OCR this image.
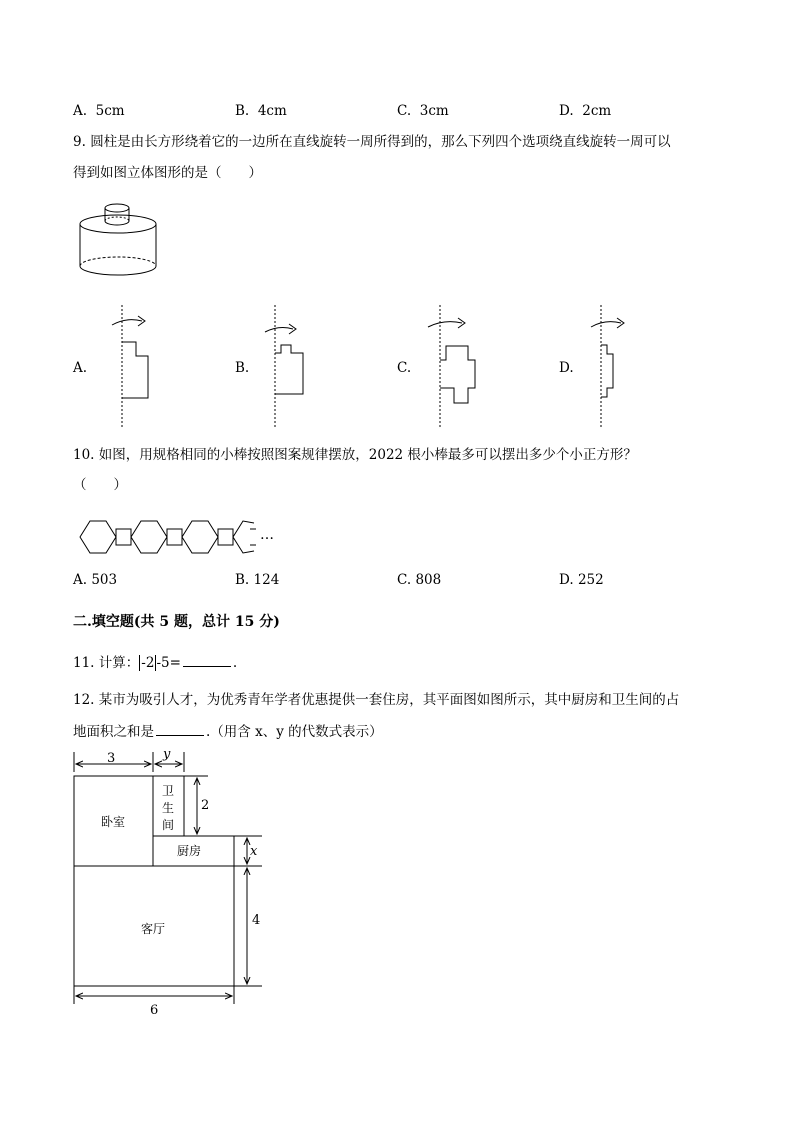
A. 5cm	B. 4cm	C. 3cm	D. 2cm
9. 圆柱是由长方形绕着它的一边所在直线旋转一周所得到的，那么下列四个选项绕直线旋转一周可以
得到如图立体图形的是（　　）
A.	B.	C.	D.
10. 如图，用规格相同的小棒按照图案规律摆放，2022 根小棒最多可以摆出多少个小正方形？
（　　）
…
A. 503	B. 124	C. 808	D. 252
二.填空题(共 5 题，总计 15 分)
11. 计算： -2 -5=	.
12. 某市为吸引人才，为优秀青年学者优惠提供一套住房，其平面图如图所示，其中厨房和卫生间的占
地面积之和是	.（用含 x、y 的代数式表示）
3	y
卧室
卫
生
间
厨房
客厅
2
x
4
6
